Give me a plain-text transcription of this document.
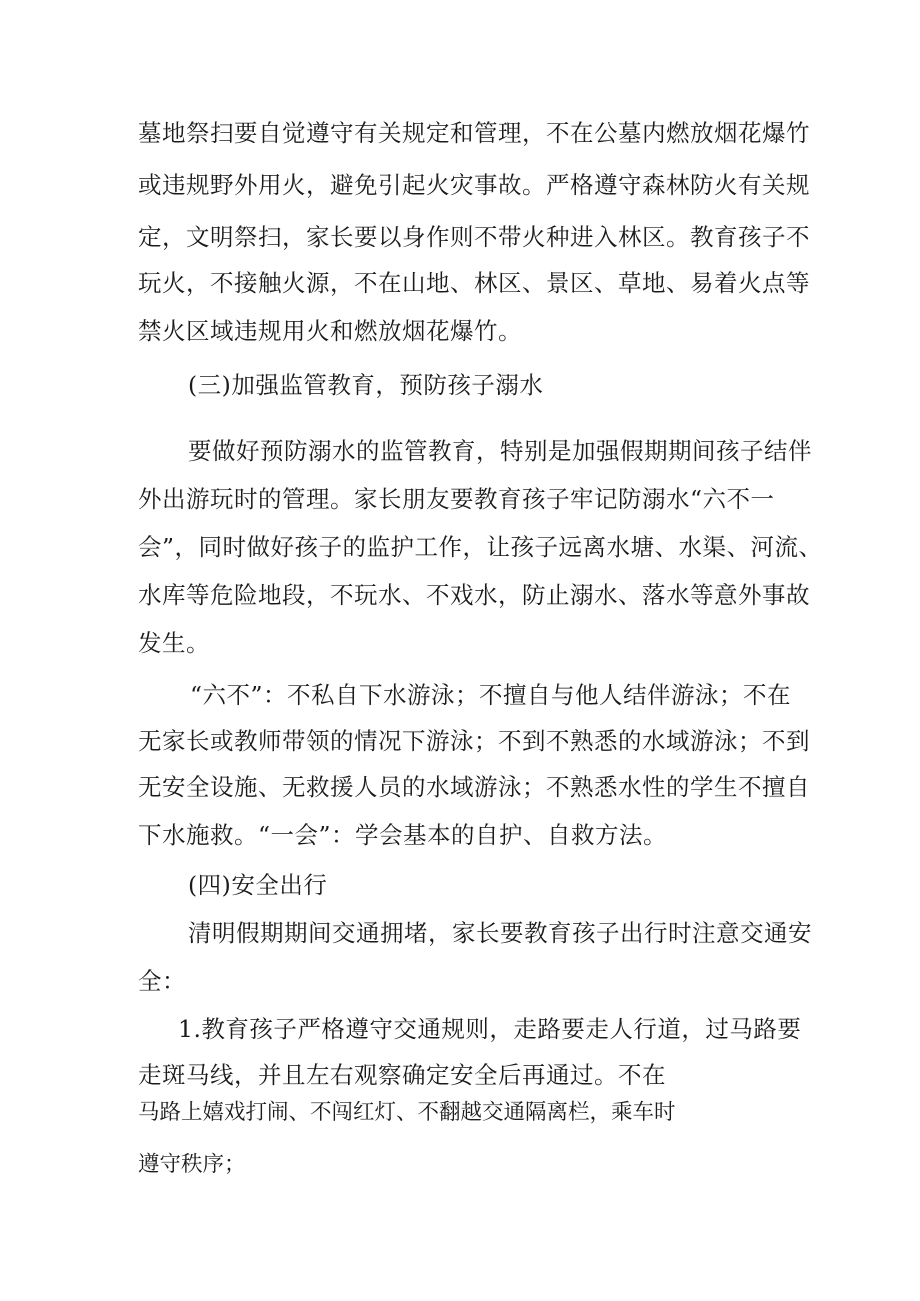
墓地祭扫要自觉遵守有关规定和管理，不在公墓内燃放烟花爆竹
或违规野外用火，避免引起火灾事故。严格遵守森林防火有关规
定，文明祭扫，家长要以身作则不带火种进入林区。教育孩子不
玩火，不接触火源，不在山地、林区、景区、草地、易着火点等
禁火区域违规用火和燃放烟花爆竹。
(三)加强监管教育，预防孩子溺水
要做好预防溺水的监管教育，特别是加强假期期间孩子结伴
外出游玩时的管理。家长朋友要教育孩子牢记防溺水“六不一
会”，同时做好孩子的监护工作，让孩子远离水塘、水渠、河流、
水库等危险地段，不玩水、不戏水，防止溺水、落水等意外事故
发生。
“六不”：不私自下水游泳；不擅自与他人结伴游泳；不在
无家长或教师带领的情况下游泳；不到不熟悉的水域游泳；不到
无安全设施、无救援人员的水域游泳；不熟悉水性的学生不擅自
下水施救。“一会”：学会基本的自护、自救方法。
(四)安全出行
清明假期期间交通拥堵，家长要教育孩子出行时注意交通安
全：
1.教育孩子严格遵守交通规则，走路要走人行道，过马路要
走斑马线，并且左右观察确定安全后再通过。不在
马路上嬉戏打闹、不闯红灯、不翻越交通隔离栏，乘车时
遵守秩序；
